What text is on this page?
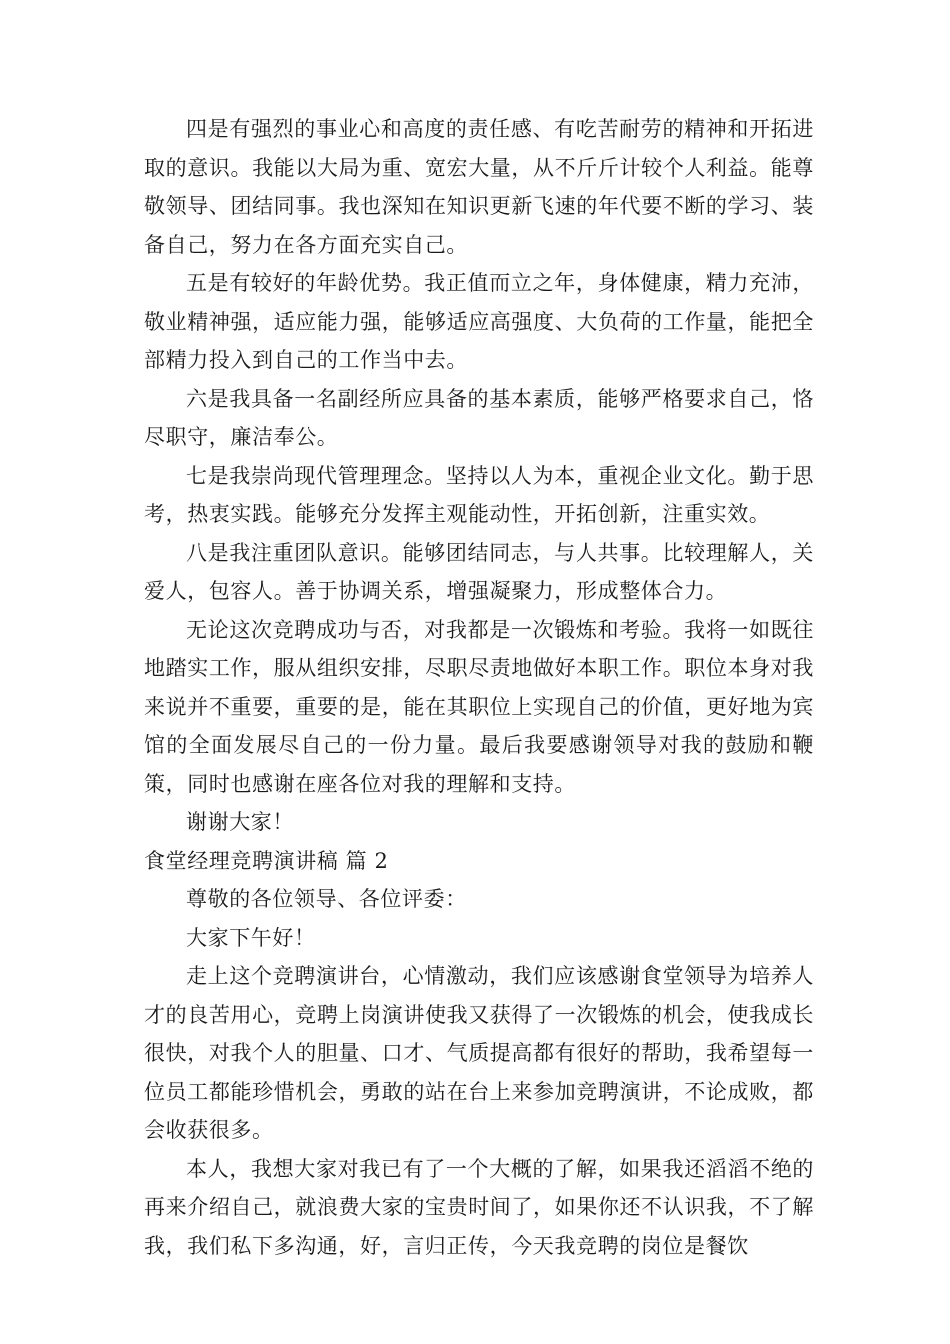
四是有强烈的事业心和高度的责任感、有吃苦耐劳的精神和开拓进取的意识。我能以大局为重、宽宏大量，从不斤斤计较个人利益。能尊敬领导、团结同事。我也深知在知识更新飞速的年代要不断的学习、装备自己，努力在各方面充实自己。

五是有较好的年龄优势。我正值而立之年，身体健康，精力充沛，敬业精神强，适应能力强，能够适应高强度、大负荷的工作量，能把全部精力投入到自己的工作当中去。

六是我具备一名副经所应具备的基本素质，能够严格要求自己，恪尽职守，廉洁奉公。

七是我崇尚现代管理理念。坚持以人为本，重视企业文化。勤于思考，热衷实践。能够充分发挥主观能动性，开拓创新，注重实效。

八是我注重团队意识。能够团结同志，与人共事。比较理解人，关爱人，包容人。善于协调关系，增强凝聚力，形成整体合力。

无论这次竞聘成功与否，对我都是一次锻炼和考验。我将一如既往地踏实工作，服从组织安排，尽职尽责地做好本职工作。职位本身对我来说并不重要，重要的是，能在其职位上实现自己的价值，更好地为宾馆的全面发展尽自己的一份力量。最后我要感谢领导对我的鼓励和鞭策，同时也感谢在座各位对我的理解和支持。

谢谢大家！

食堂经理竞聘演讲稿 篇 2

尊敬的各位领导、各位评委：

大家下午好！

走上这个竞聘演讲台，心情激动，我们应该感谢食堂领导为培养人才的良苦用心，竞聘上岗演讲使我又获得了一次锻炼的机会，使我成长很快，对我个人的胆量、口才、气质提高都有很好的帮助，我希望每一位员工都能珍惜机会，勇敢的站在台上来参加竞聘演讲，不论成败，都会收获很多。

本人，我想大家对我已有了一个大概的了解，如果我还滔滔不绝的再来介绍自己，就浪费大家的宝贵时间了，如果你还不认识我，不了解我，我们私下多沟通，好，言归正传，今天我竞聘的岗位是餐饮
